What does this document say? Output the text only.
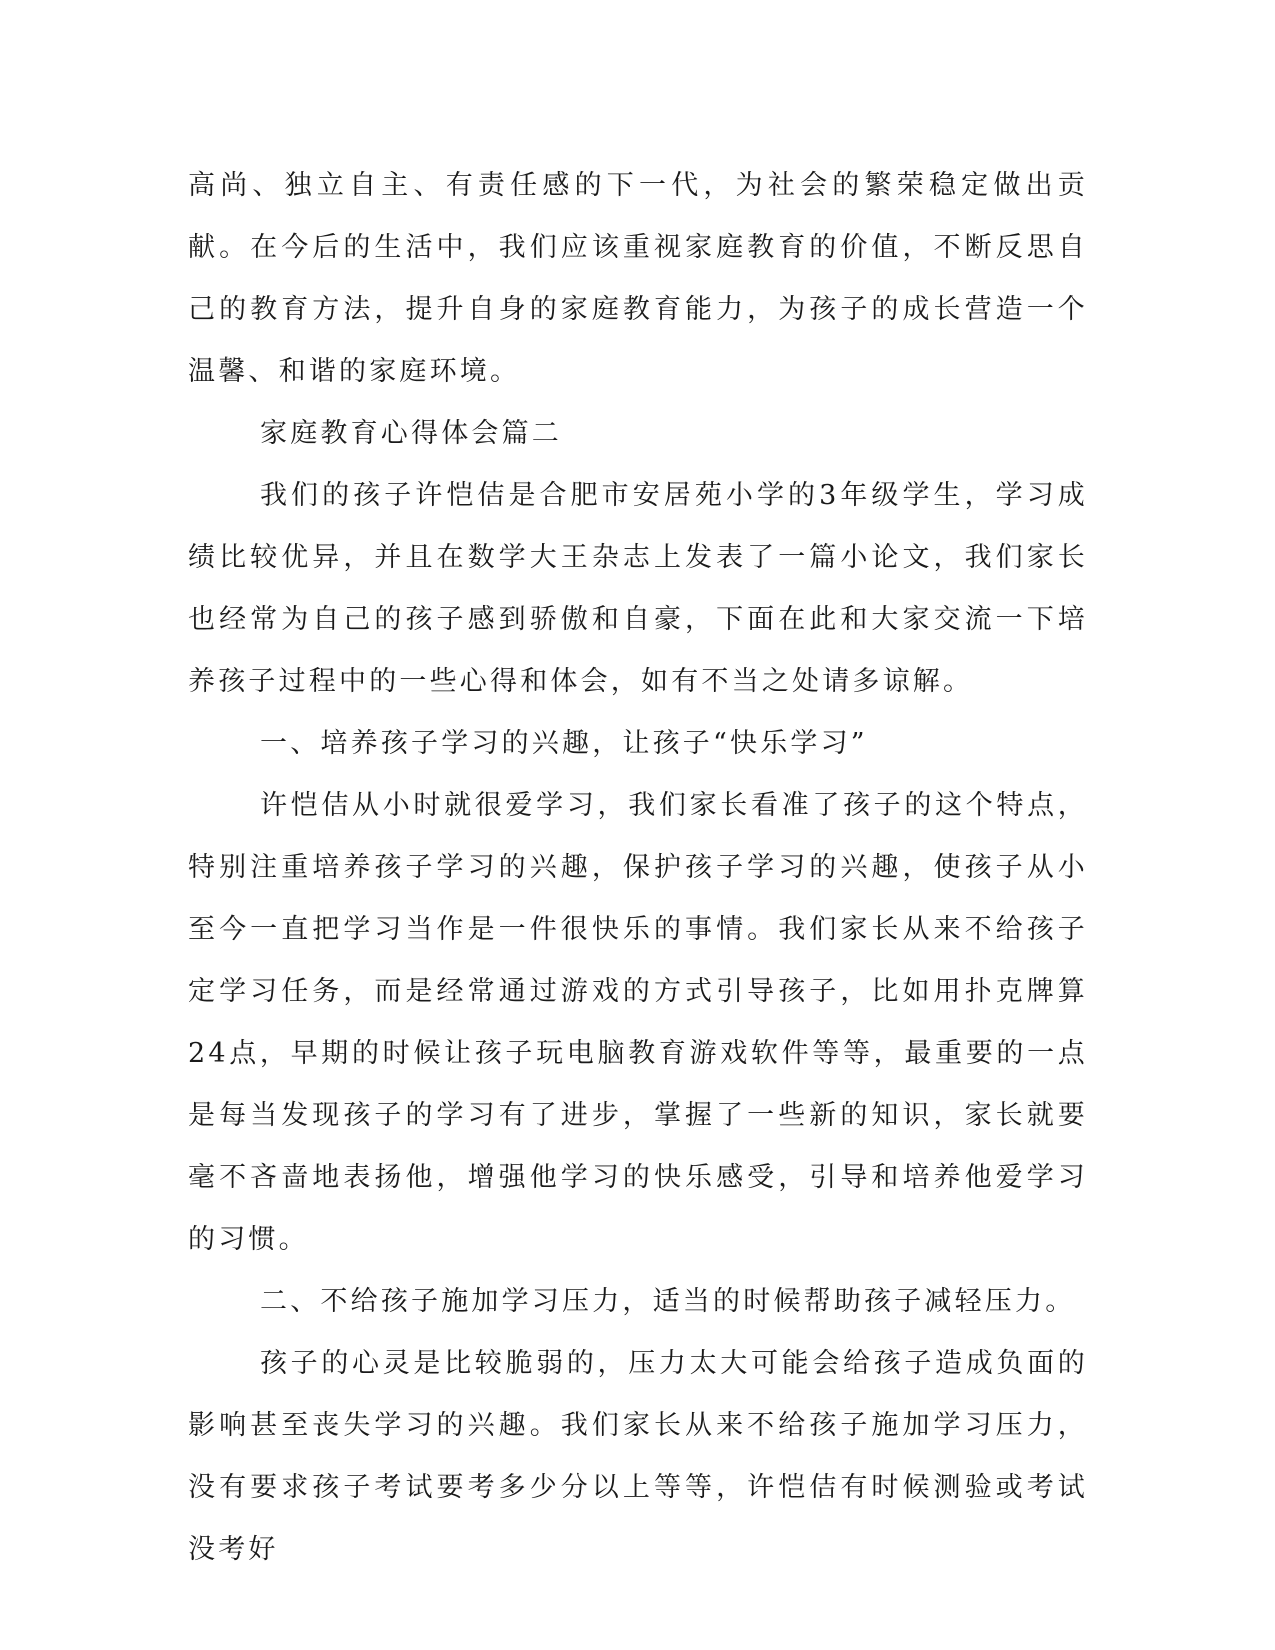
高尚、独立自主、有责任感的下一代，为社会的繁荣稳定做出贡献。在今后的生活中，我们应该重视家庭教育的价值，不断反思自己的教育方法，提升自身的家庭教育能力，为孩子的成长营造一个温馨、和谐的家庭环境。

家庭教育心得体会篇二

我们的孩子许恺佶是合肥市安居苑小学的3年级学生，学习成绩比较优异，并且在数学大王杂志上发表了一篇小论文，我们家长也经常为自己的孩子感到骄傲和自豪，下面在此和大家交流一下培养孩子过程中的一些心得和体会，如有不当之处请多谅解。

一、培养孩子学习的兴趣，让孩子“快乐学习”

许恺佶从小时就很爱学习，我们家长看准了孩子的这个特点，特别注重培养孩子学习的兴趣，保护孩子学习的兴趣，使孩子从小至今一直把学习当作是一件很快乐的事情。我们家长从来不给孩子定学习任务，而是经常通过游戏的方式引导孩子，比如用扑克牌算24点，早期的时候让孩子玩电脑教育游戏软件等等，最重要的一点是每当发现孩子的学习有了进步，掌握了一些新的知识，家长就要毫不吝啬地表扬他，增强他学习的快乐感受，引导和培养他爱学习的习惯。

二、不给孩子施加学习压力，适当的时候帮助孩子减轻压力。

孩子的心灵是比较脆弱的，压力太大可能会给孩子造成负面的影响甚至丧失学习的兴趣。我们家长从来不给孩子施加学习压力，没有要求孩子考试要考多少分以上等等，许恺佶有时候测验或考试没考好
